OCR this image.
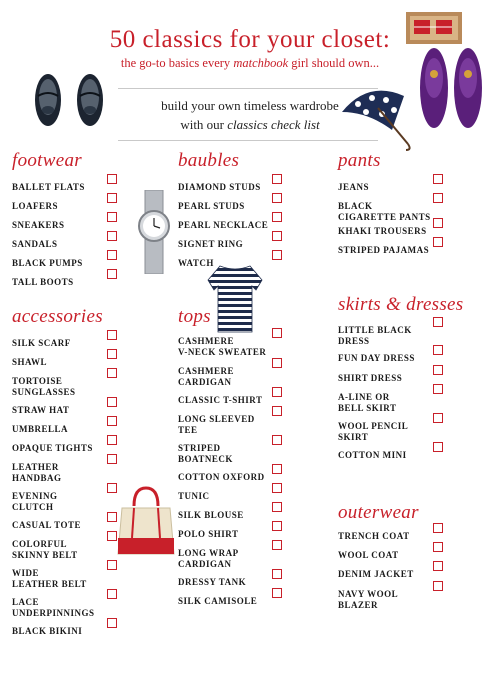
50 classics for your closet:
the go-to basics every matchbook girl should own...
build your own timeless wardrobe
with our classics check list
footwear
BALLET FLATS
LOAFERS
SNEAKERS
SANDALS
BLACK PUMPS
TALL BOOTS
baubles
DIAMOND STUDS
PEARL STUDS
PEARL NECKLACE
SIGNET RING
WATCH
pants
JEANS
BLACK
CIGARETTE PANTS
KHAKI TROUSERS
STRIPED PAJAMAS
accessories
SILK SCARF
SHAWL
TORTOISE
SUNGLASSES
STRAW HAT
UMBRELLA
OPAQUE TIGHTS
LEATHER
HANDBAG
EVENING
CLUTCH
CASUAL TOTE
COLORFUL
SKINNY BELT
WIDE
LEATHER BELT
LACE
UNDERPINNINGS
BLACK BIKINI
tops
CASHMERE
V-NECK SWEATER
CASHMERE
CARDIGAN
CLASSIC T-SHIRT
LONG SLEEVED
TEE
STRIPED
BOATNECK
COTTON OXFORD
TUNIC
SILK BLOUSE
POLO SHIRT
LONG WRAP
CARDIGAN
DRESSY TANK
SILK CAMISOLE
skirts & dresses
LITTLE BLACK
DRESS
FUN DAY DRESS
SHIRT DRESS
A-LINE OR
BELL SKIRT
WOOL PENCIL
SKIRT
COTTON MINI
outerwear
TRENCH COAT
WOOL COAT
DENIM JACKET
NAVY WOOL
BLAZER
